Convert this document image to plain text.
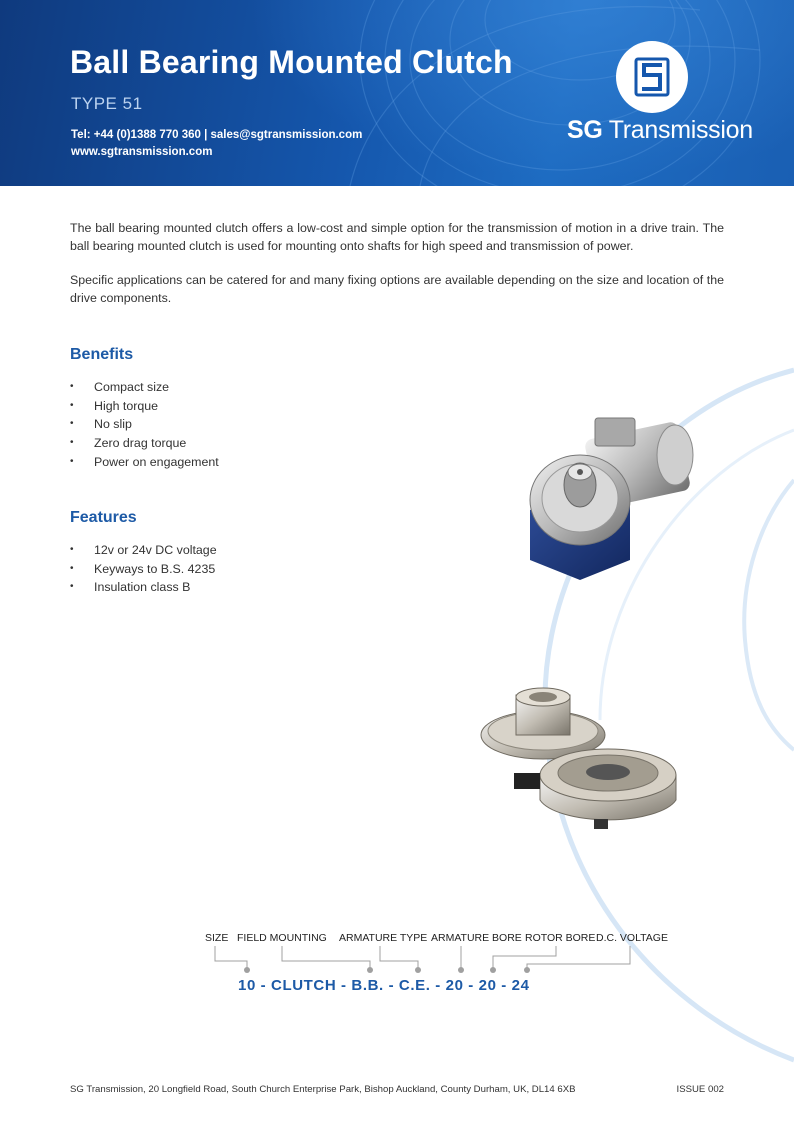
Ball Bearing Mounted Clutch
TYPE 51
Tel: +44 (0)1388 770 360 | sales@sgtransmission.com
www.sgtransmission.com
SG Transmission
The ball bearing mounted clutch offers a low-cost and simple option for the transmission of motion in a drive train. The ball bearing mounted clutch is used for mounting onto shafts for high speed and transmission of power.
Specific applications can be catered for and many fixing options are available depending on the size and location of the drive components.
Benefits
• Compact size
• High torque
• No slip
• Zero drag torque
• Power on engagement
Features
• 12v or 24v DC voltage
• Keyways to B.S. 4235
• Insulation class B
SIZE FIELD MOUNTING ARMATURE TYPE ARMATURE BORE ROTOR BORE D.C. VOLTAGE
10 - CLUTCH - B.B. - C.E. - 20 - 20 - 24
SG Transmission, 20 Longfield Road, South Church Enterprise Park, Bishop Auckland, County Durham, UK, DL14 6XB	ISSUE 002
